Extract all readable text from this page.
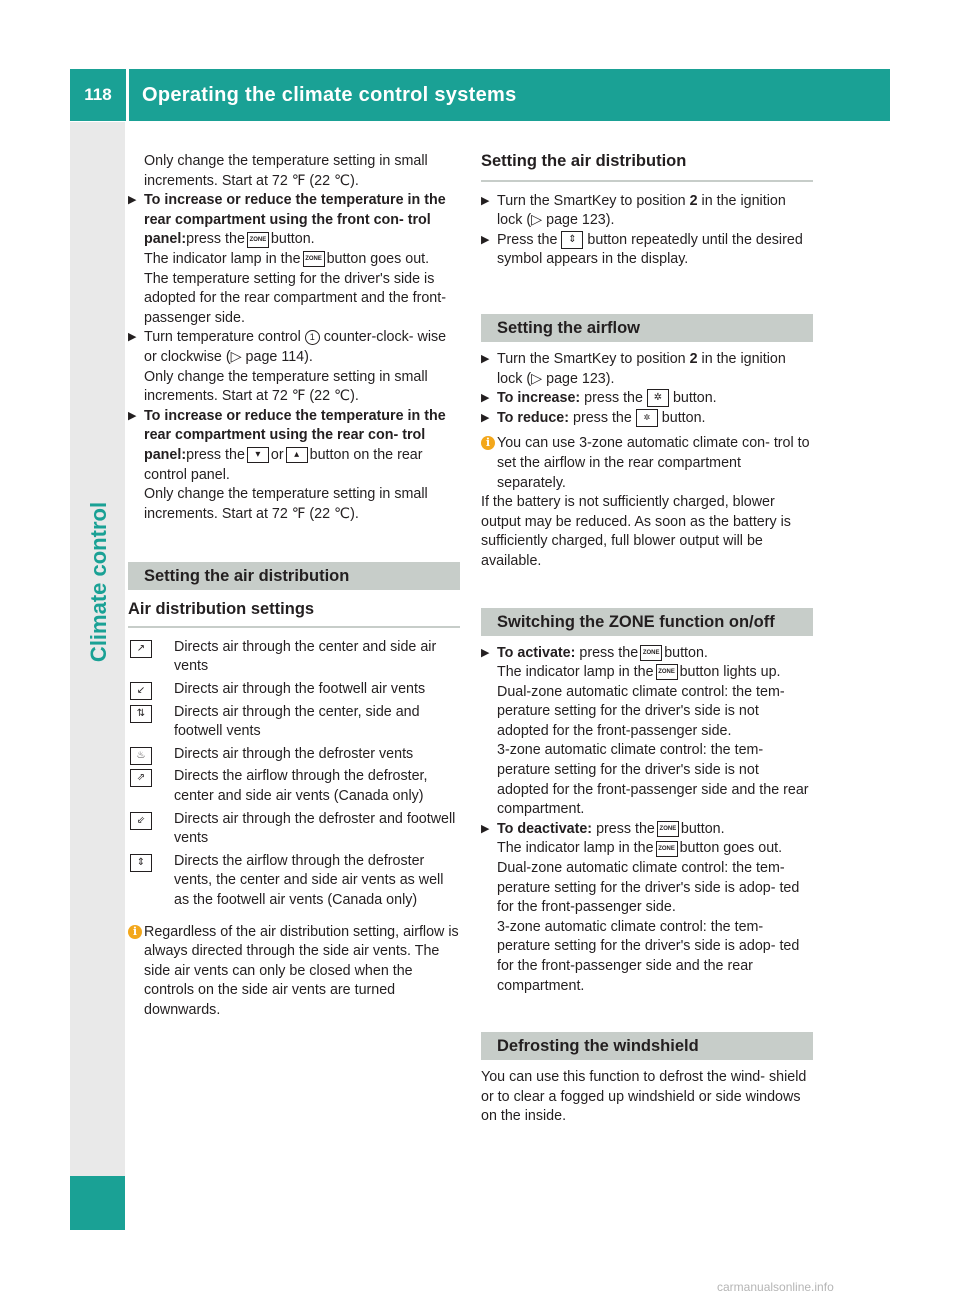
118	Operating the climate control systems
Climate control

Only change the temperature setting in small increments. Start at 72 ℉ (22 ℃).

▶ To increase or reduce the temperature in the rear compartment using the front con- trol panel:press the ZONE button.

The indicator lamp in the ZONE button goes out.

The temperature setting for the driver's side is adopted for the rear compartment and the front-passenger side.

▶ Turn temperature control 1 counter-clock- wise or clockwise (▷ page 114).

Only change the temperature setting in small increments. Start at 72 ℉ (22 ℃).

▶ To increase or reduce the temperature in the rear compartment using the rear con- trol panel:press the ▾ or ▴ button on the rear control panel.

Only change the temperature setting in small increments. Start at 72 ℉ (22 ℃).

Setting the air distribution
Air distribution settings
↗	Directs air through the center and side air vents
↙	Directs air through the footwell air vents
⇅	Directs air through the center, side and footwell vents
♨	Directs air through the defroster vents
⇗	Directs the airflow through the defroster, center and side air vents (Canada only)
⇙	Directs air through the defroster and footwell vents
⇕	Directs the airflow through the defroster vents, the center and side air vents as well as the footwell air vents (Canada only)
i Regardless of the air distribution setting, airflow is always directed through the side air vents. The side air vents can only be closed when the controls on the side air vents are turned downwards.
Setting the air distribution
▶ Turn the SmartKey to position 2 in the ignition lock (▷ page 123).
▶ Press the ⇕ button repeatedly until the desired symbol appears in the display.
Setting the airflow
▶ Turn the SmartKey to position 2 in the ignition lock (▷ page 123).
▶ To increase: press the ✲ button.
▶ To reduce: press the ✲ button.
i You can use 3-zone automatic climate con- trol to set the airflow in the rear compartment separately.

If the battery is not sufficiently charged, blower output may be reduced. As soon as the battery is sufficiently charged, full blower output will be available.

Switching the ZONE function on/off
▶ To activate: press the ZONE button.

The indicator lamp in the ZONE button lights up.

Dual-zone automatic climate control: the tem- perature setting for the driver's side is not adopted for the front-passenger side.

3-zone automatic climate control: the tem- perature setting for the driver's side is not adopted for the front-passenger side and the rear compartment.

▶ To deactivate: press the ZONE button.

The indicator lamp in the ZONE button goes out.

Dual-zone automatic climate control: the tem- perature setting for the driver's side is adop- ted for the front-passenger side.

3-zone automatic climate control: the tem- perature setting for the driver's side is adop- ted for the front-passenger side and the rear compartment.

Defrosting the windshield

You can use this function to defrost the wind- shield or to clear a fogged up windshield or side windows on the inside.

carmanualsonline.info
